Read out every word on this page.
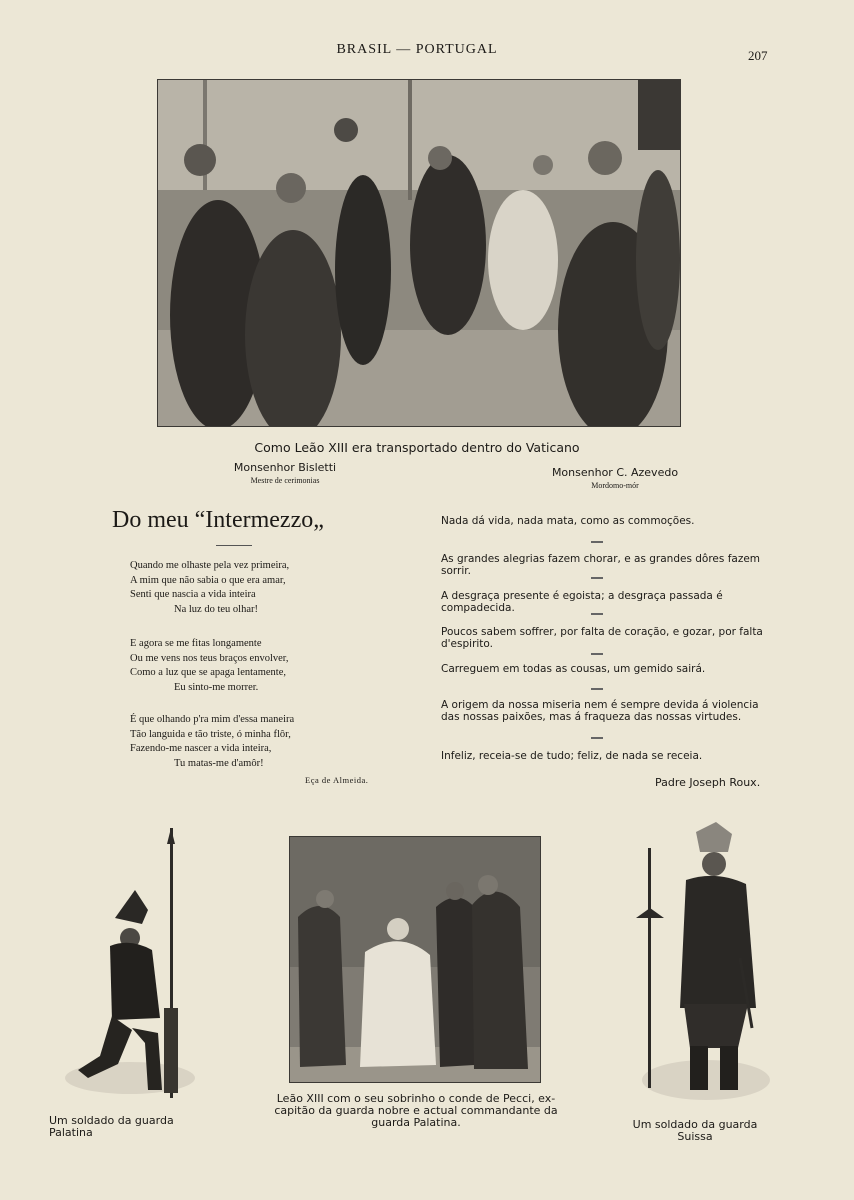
BRASIL — PORTUGAL	207
Como Leão XIII era transportado dentro do Vaticano
Monsenhor Bisletti
Mestre de cerimonias
Monsenhor C. Azevedo
Mordomo-mór
Do meu “Intermezzo„
Quando me olhaste pela vez primeira,
A mim que não sabia o que era amar,
Senti que nascia a vida inteira
Na luz do teu olhar!
E agora se me fitas longamente
Ou me vens nos teus braços envolver,
Como a luz que se apaga lentamente,
Eu sinto-me morrer.
É que olhando p'ra mim d'essa maneira
Tão languida e tão triste, ó minha flôr,
Fazendo-me nascer a vida inteira,
Tu matas-me d'amôr!
Eça de Almeida.
Nada dá vida, nada mata, como as commoções.
As grandes alegrias fazem chorar, e as grandes dôres fazem sorrir.
A desgraça presente é egoista; a desgraça passada é compadecida.
Poucos sabem soffrer, por falta de coração, e gozar, por falta d'espirito.
Carreguem em todas as cousas, um gemido sairá.
A origem da nossa miseria nem é sempre devida á violencia das nossas paixões, mas á fraqueza das nossas virtudes.
Infeliz, receia-se de tudo; feliz, de nada se receia.
Padre Joseph Roux.
Um soldado da guarda Palatina
Leão XIII com o seu sobrinho o conde de Pecci, ex-capitão da guarda nobre e actual commandante da guarda Palatina.	Um soldado da guarda Suissa
